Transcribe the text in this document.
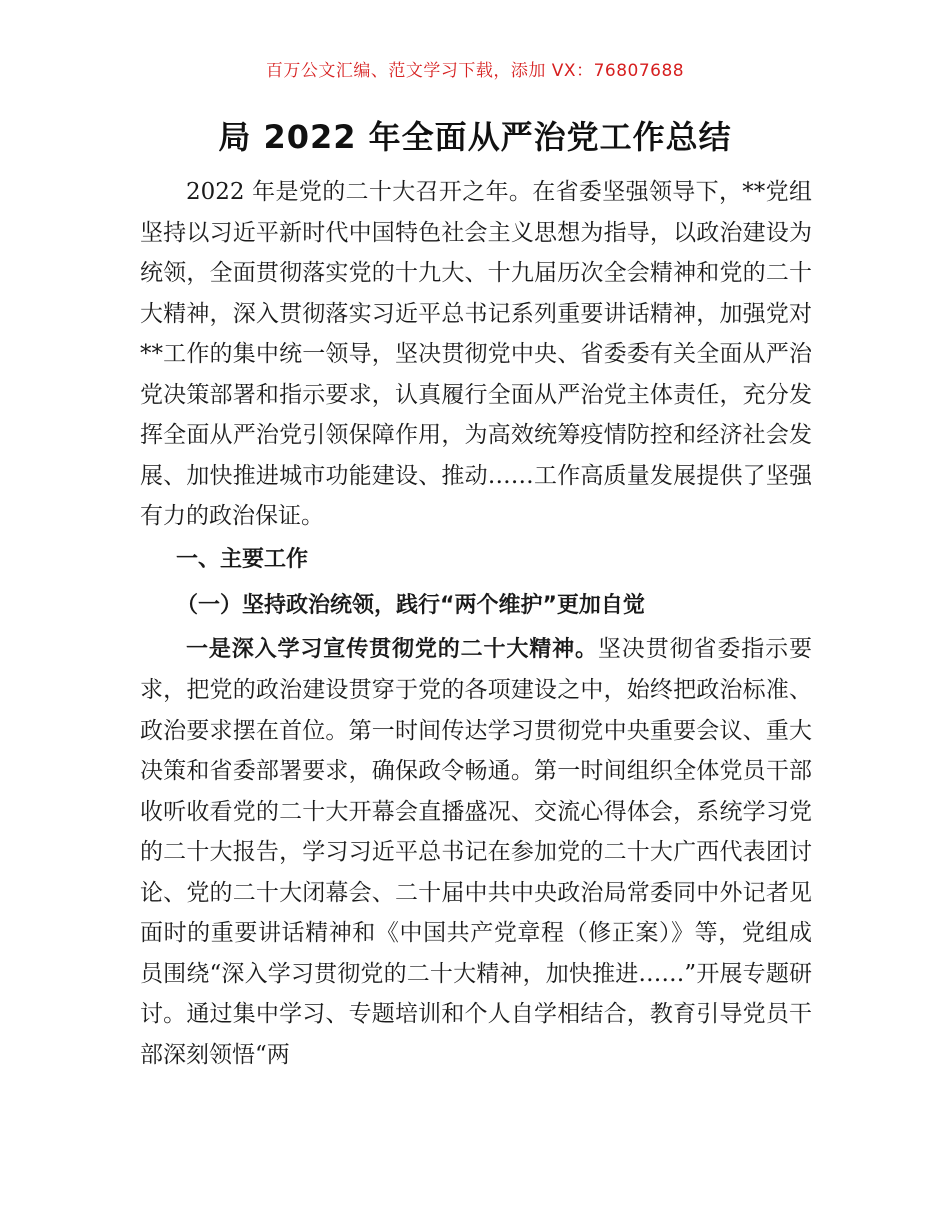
百万公文汇编、范文学习下载，添加 VX：76807688
局 2022 年全面从严治党工作总结

2022 年是党的二十大召开之年。在省委坚强领导下，**党组坚持以习近平新时代中国特色社会主义思想为指导，以政治建设为统领，全面贯彻落实党的十九大、十九届历次全会精神和党的二十大精神，深入贯彻落实习近平总书记系列重要讲话精神，加强党对**工作的集中统一领导，坚决贯彻党中央、省委委有关全面从严治党决策部署和指示要求，认真履行全面从严治党主体责任，充分发挥全面从严治党引领保障作用，为高效统筹疫情防控和经济社会发展、加快推进城市功能建设、推动……工作高质量发展提供了坚强有力的政治保证。

一、主要工作

（一）坚持政治统领，践行“两个维护”更加自觉

一是深入学习宣传贯彻党的二十大精神。坚决贯彻省委指示要求，把党的政治建设贯穿于党的各项建设之中，始终把政治标准、政治要求摆在首位。第一时间传达学习贯彻党中央重要会议、重大决策和省委部署要求，确保政令畅通。第一时间组织全体党员干部收听收看党的二十大开幕会直播盛况、交流心得体会，系统学习党的二十大报告，学习习近平总书记在参加党的二十大广西代表团讨论、党的二十大闭幕会、二十届中共中央政治局常委同中外记者见面时的重要讲话精神和《中国共产党章程（修正案）》等，党组成员围绕“深入学习贯彻党的二十大精神，加快推进……”开展专题研讨。通过集中学习、专题培训和个人自学相结合，教育引导党员干部深刻领悟“两
